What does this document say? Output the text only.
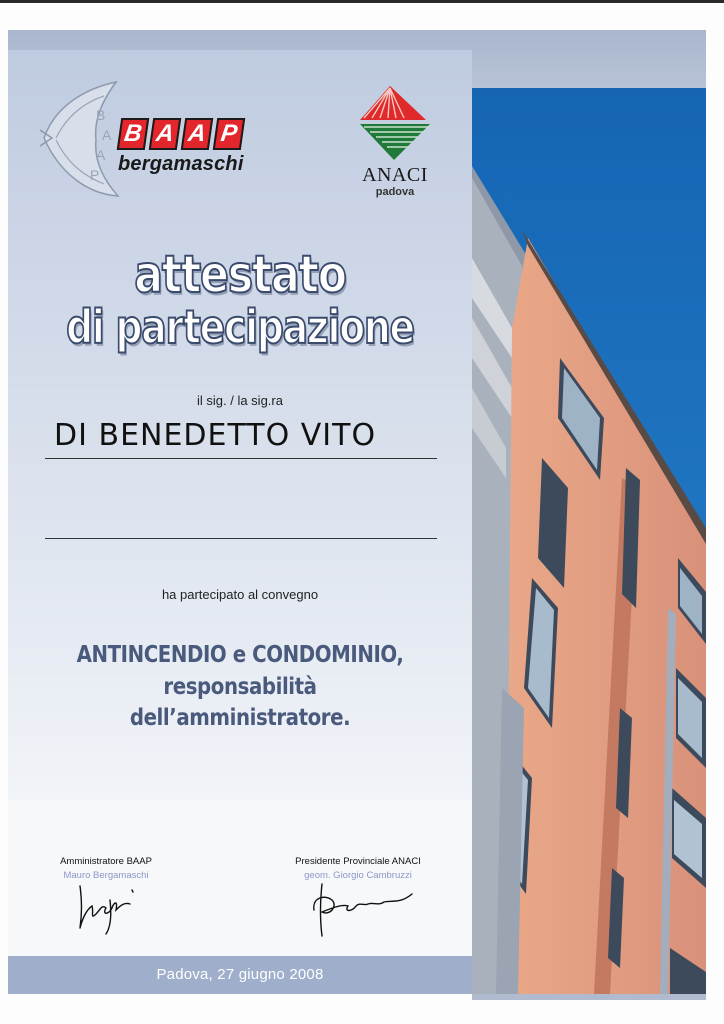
B
A
A
P
B A A P
bergamaschi	ANACI
padova
attestato
di partecipazione
il sig. / la sig.ra
DI BENEDETTO VITO
ha partecipato al convegno
ANTINCENDIO e CONDOMINIO,
responsabilità
dell’amministratore.
Amministratore BAAP
Mauro Bergamaschi
Presidente Provinciale ANACI
geom. Giorgio Cambruzzi
Padova, 27 giugno 2008
